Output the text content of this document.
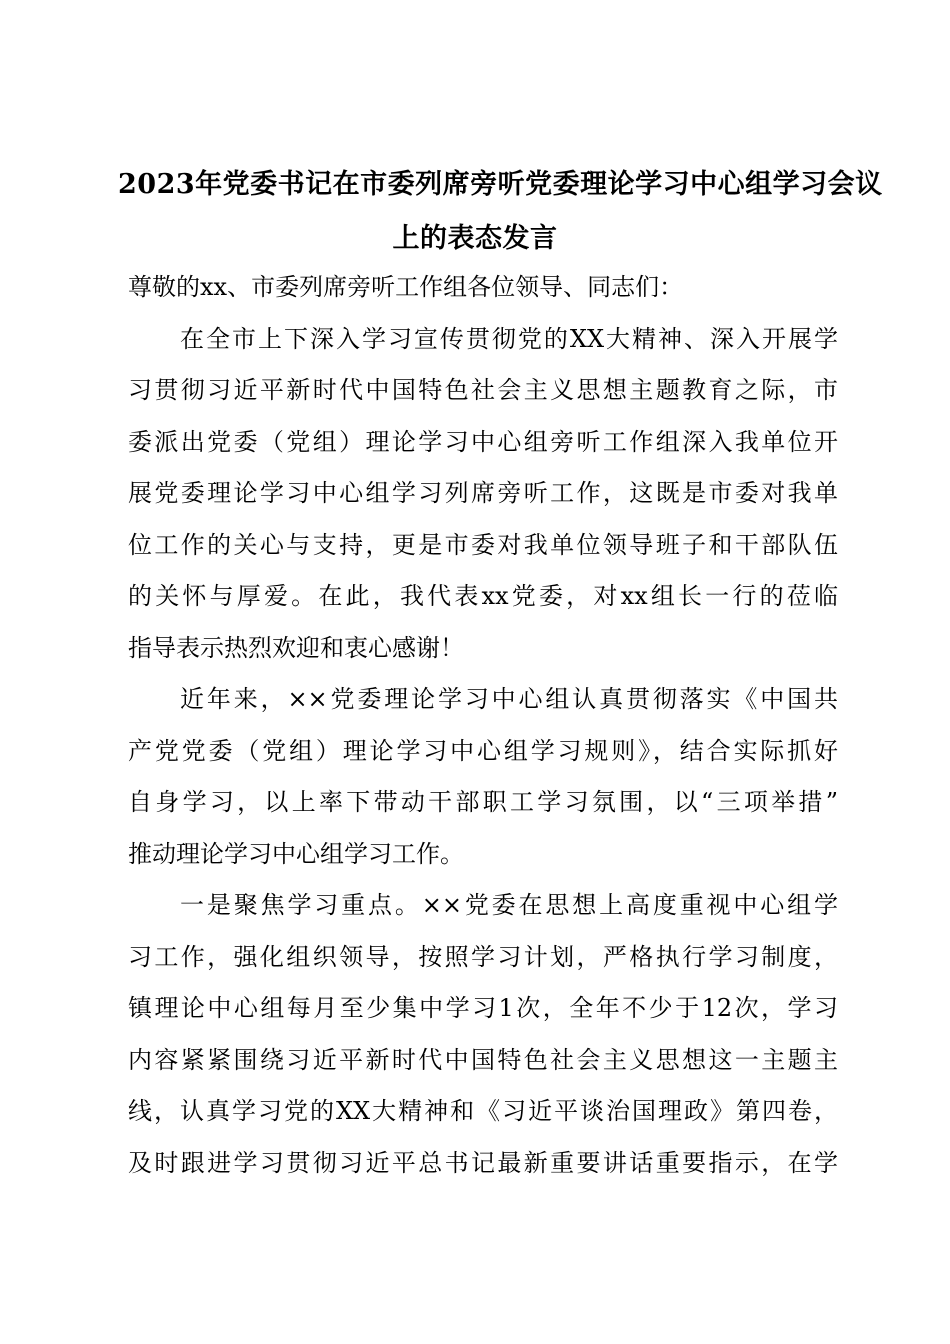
2023年党委书记在市委列席旁听党委理论学习中心组学习会议
上的表态发言
尊敬的xx、市委列席旁听工作组各位领导、同志们：
在全市上下深入学习宣传贯彻党的XX大精神、深入开展学
习贯彻习近平新时代中国特色社会主义思想主题教育之际，市
委派出党委（党组）理论学习中心组旁听工作组深入我单位开
展党委理论学习中心组学习列席旁听工作，这既是市委对我单
位工作的关心与支持，更是市委对我单位领导班子和干部队伍
的关怀与厚爱。在此，我代表xx党委，对xx组长一行的莅临
指导表示热烈欢迎和衷心感谢！
近年来，××党委理论学习中心组认真贯彻落实《中国共
产党党委（党组）理论学习中心组学习规则》，结合实际抓好
自身学习，以上率下带动干部职工学习氛围，以“三项举措”
推动理论学习中心组学习工作。
一是聚焦学习重点。××党委在思想上高度重视中心组学
习工作，强化组织领导，按照学习计划，严格执行学习制度，
镇理论中心组每月至少集中学习1次，全年不少于12次，学习
内容紧紧围绕习近平新时代中国特色社会主义思想这一主题主
线，认真学习党的XX大精神和《习近平谈治国理政》第四卷，
及时跟进学习贯彻习近平总书记最新重要讲话重要指示，在学
